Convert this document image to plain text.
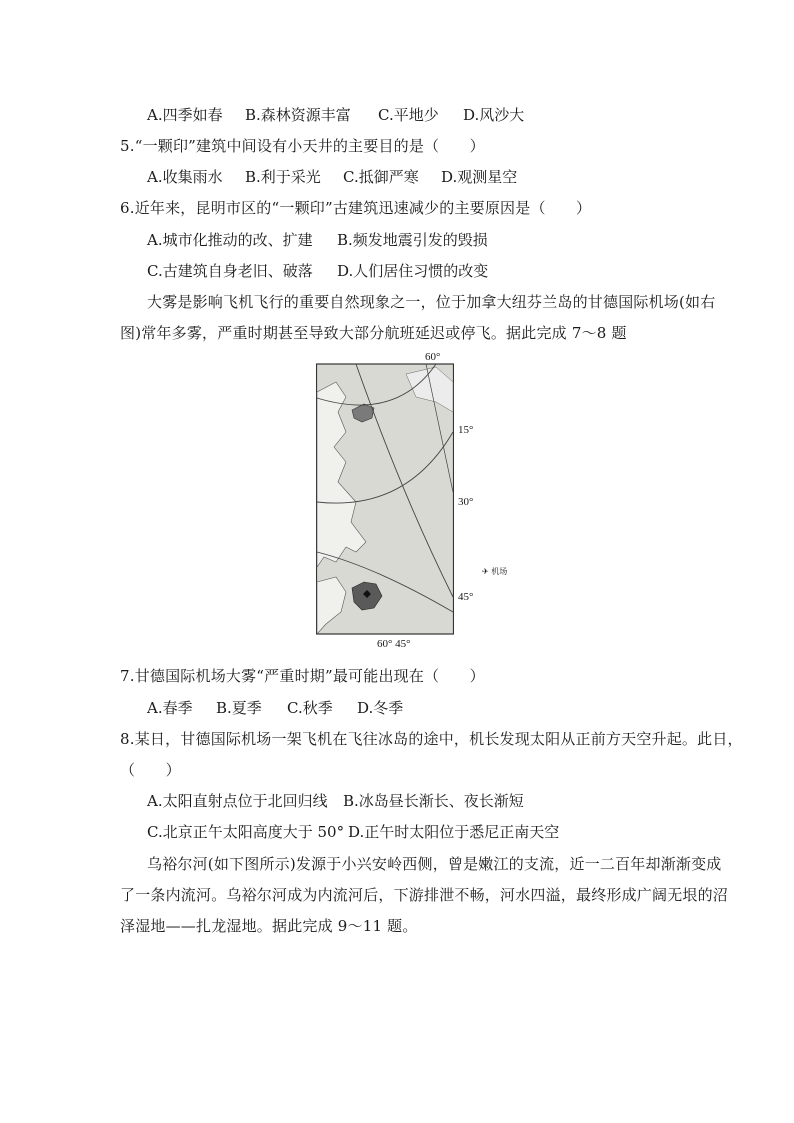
A.四季如春 B.森林资源丰富 C.平地少 D.风沙大
5.“一颗印”建筑中间设有小天井的主要目的是（　　）
A.收集雨水 B.利于采光 C.抵御严寒 D.观测星空
6.近年来，昆明市区的“一颗印”古建筑迅速减少的主要原因是（　　）
A.城市化推动的改、扩建 B.频发地震引发的毁损
C.古建筑自身老旧、破落 D.人们居住习惯的改变
大雾是影响飞机飞行的重要自然现象之一，位于加拿大纽芬兰岛的甘德国际机场(如右
图)常年多雾，严重时期甚至导致大部分航班延迟或停飞。据此完成 7～8 题
60°
15°
30°
45°
60° 45°
✈ 机场
7.甘德国际机场大雾“严重时期”最可能出现在（　　）
A.春季 B.夏季 C.秋季 D.冬季
8.某日，甘德国际机场一架飞机在飞往冰岛的途中，机长发现太阳从正前方天空升起。此日，
（　　）
A.太阳直射点位于北回归线 B.冰岛昼长渐长、夜长渐短
C.北京正午太阳高度大于 50° D.正午时太阳位于悉尼正南天空
乌裕尔河(如下图所示)发源于小兴安岭西侧，曾是嫩江的支流，近一二百年却渐渐变成
了一条内流河。乌裕尔河成为内流河后，下游排泄不畅，河水四溢，最终形成广阔无垠的沼
泽湿地——扎龙湿地。据此完成 9～11 题。
